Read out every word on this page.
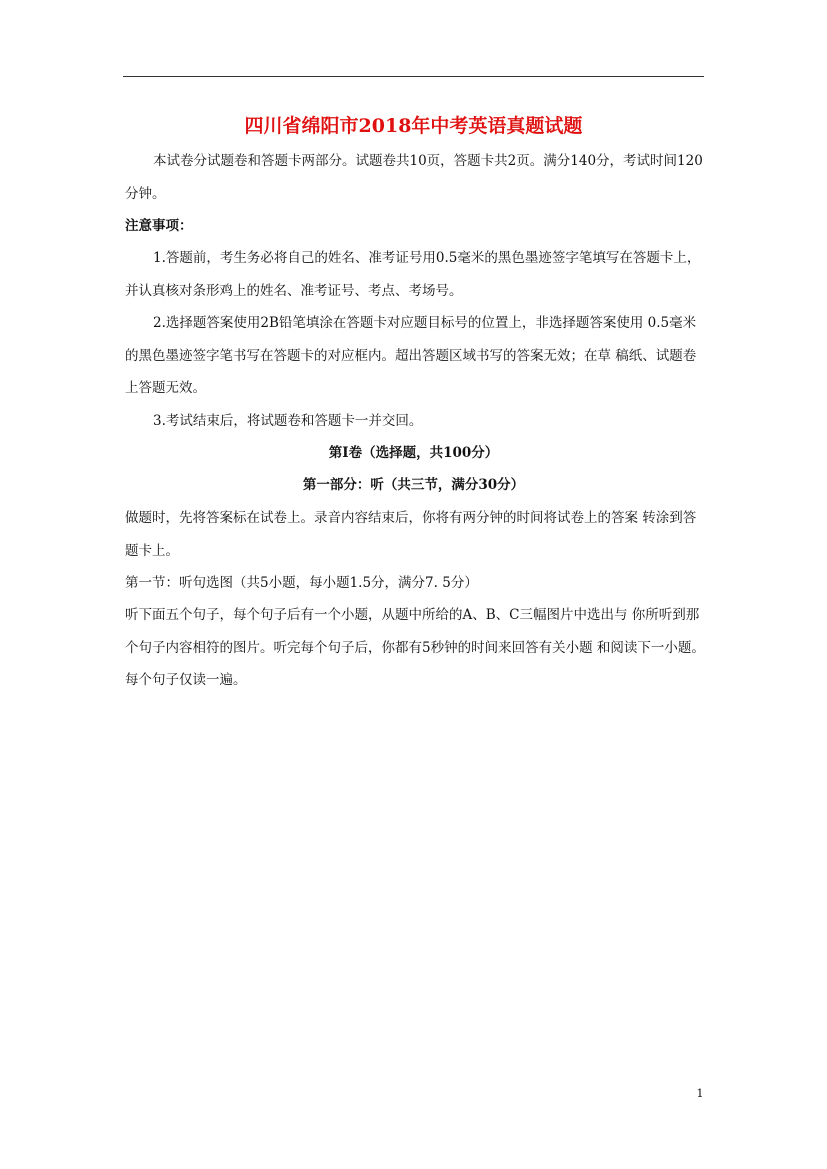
四川省绵阳市2018年中考英语真题试题
本试卷分试题卷和答题卡两部分。试题卷共10页，答题卡共2页。满分140分，考试时间120分钟。
注意事项：
1.答题前，考生务必将自己的姓名、准考证号用0.5毫米的黑色墨迹签字笔填写在答题卡上，并认真核对条形鸡上的姓名、准考证号、考点、考场号。
2.选择题答案使用2B铅笔填涂在答题卡对应题目标号的位置上，非选择题答案使用 0.5毫米的黑色墨迹签字笔书写在答题卡的对应框内。超出答题区域书写的答案无效；在草 稿纸、试题卷上答题无效。
3.考试结束后，将试题卷和答题卡一并交回。
第I卷（选择题，共100分）
第一部分：听（共三节，满分30分）
做题时，先将答案标在试卷上。录音内容结束后，你将有两分钟的时间将试卷上的答案 转涂到答题卡上。
第一节：听句选图（共5小题，每小题1.5分，满分7. 5分）
听下面五个句子，每个句子后有一个小题，从题中所给的A、B、C三幅图片中选出与 你所听到那个句子内容相符的图片。听完每个句子后，你都有5秒钟的时间来回答有关小题 和阅读下一小题。每个句子仅读一遍。
1
